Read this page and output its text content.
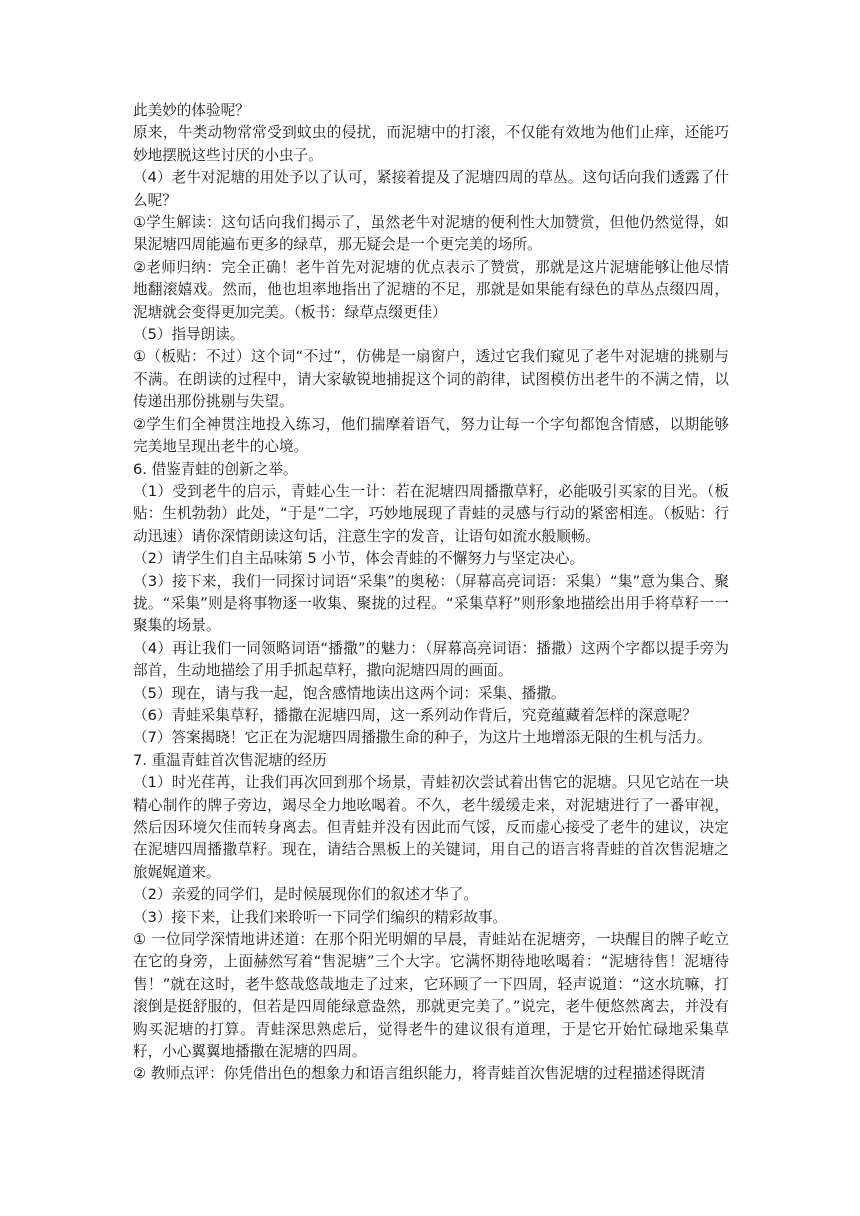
此美妙的体验呢？

原来，牛类动物常常受到蚊虫的侵扰，而泥塘中的打滚，不仅能有效地为他们止痒，还能巧妙地摆脱这些讨厌的小虫子。

（4）老牛对泥塘的用处予以了认可，紧接着提及了泥塘四周的草丛。这句话向我们透露了什么呢？

①学生解读：这句话向我们揭示了，虽然老牛对泥塘的便利性大加赞赏，但他仍然觉得，如果泥塘四周能遍布更多的绿草，那无疑会是一个更完美的场所。

②老师归纳：完全正确！老牛首先对泥塘的优点表示了赞赏，那就是这片泥塘能够让他尽情地翻滚嬉戏。然而，他也坦率地指出了泥塘的不足，那就是如果能有绿色的草丛点缀四周，泥塘就会变得更加完美。（板书：绿草点缀更佳）

（5）指导朗读。

①（板贴：不过）这个词“不过”，仿佛是一扇窗户，透过它我们窥见了老牛对泥塘的挑剔与不满。在朗读的过程中，请大家敏锐地捕捉这个词的韵律，试图模仿出老牛的不满之情，以传递出那份挑剔与失望。

②学生们全神贯注地投入练习，他们揣摩着语气，努力让每一个字句都饱含情感，以期能够完美地呈现出老牛的心境。

6. 借鉴青蛙的创新之举。

（1）受到老牛的启示，青蛙心生一计：若在泥塘四周播撒草籽，必能吸引买家的目光。（板贴：生机勃勃）此处，“于是”二字，巧妙地展现了青蛙的灵感与行动的紧密相连。（板贴：行动迅速）请你深情朗读这句话，注意生字的发音，让语句如流水般顺畅。

（2）请学生们自主品味第 5 小节，体会青蛙的不懈努力与坚定决心。

（3）接下来，我们一同探讨词语“采集”的奥秘：（屏幕高亮词语：采集）“集”意为集合、聚拢。“采集”则是将事物逐一收集、聚拢的过程。“采集草籽”则形象地描绘出用手将草籽一一聚集的场景。

（4）再让我们一同领略词语“播撒”的魅力：（屏幕高亮词语：播撒）这两个字都以提手旁为部首，生动地描绘了用手抓起草籽，撒向泥塘四周的画面。

（5）现在，请与我一起，饱含感情地读出这两个词：采集、播撒。

（6）青蛙采集草籽，播撒在泥塘四周，这一系列动作背后，究竟蕴藏着怎样的深意呢？

（7）答案揭晓！它正在为泥塘四周播撒生命的种子，为这片土地增添无限的生机与活力。

7. 重温青蛙首次售泥塘的经历

（1）时光荏苒，让我们再次回到那个场景，青蛙初次尝试着出售它的泥塘。只见它站在一块精心制作的牌子旁边，竭尽全力地吆喝着。不久，老牛缓缓走来，对泥塘进行了一番审视，然后因环境欠佳而转身离去。但青蛙并没有因此而气馁，反而虚心接受了老牛的建议，决定在泥塘四周播撒草籽。现在，请结合黑板上的关键词，用自己的语言将青蛙的首次售泥塘之旅娓娓道来。

（2）亲爱的同学们，是时候展现你们的叙述才华了。

（3）接下来，让我们来聆听一下同学们编织的精彩故事。

① 一位同学深情地讲述道：在那个阳光明媚的早晨，青蛙站在泥塘旁，一块醒目的牌子屹立在它的身旁，上面赫然写着“售泥塘”三个大字。它满怀期待地吆喝着：“泥塘待售！泥塘待售！”就在这时，老牛悠哉悠哉地走了过来，它环顾了一下四周，轻声说道：“这水坑嘛，打滚倒是挺舒服的，但若是四周能绿意盎然，那就更完美了。”说完，老牛便悠然离去，并没有购买泥塘的打算。青蛙深思熟虑后，觉得老牛的建议很有道理，于是它开始忙碌地采集草籽，小心翼翼地播撒在泥塘的四周。

② 教师点评：你凭借出色的想象力和语言组织能力，将青蛙首次售泥塘的过程描述得既清
